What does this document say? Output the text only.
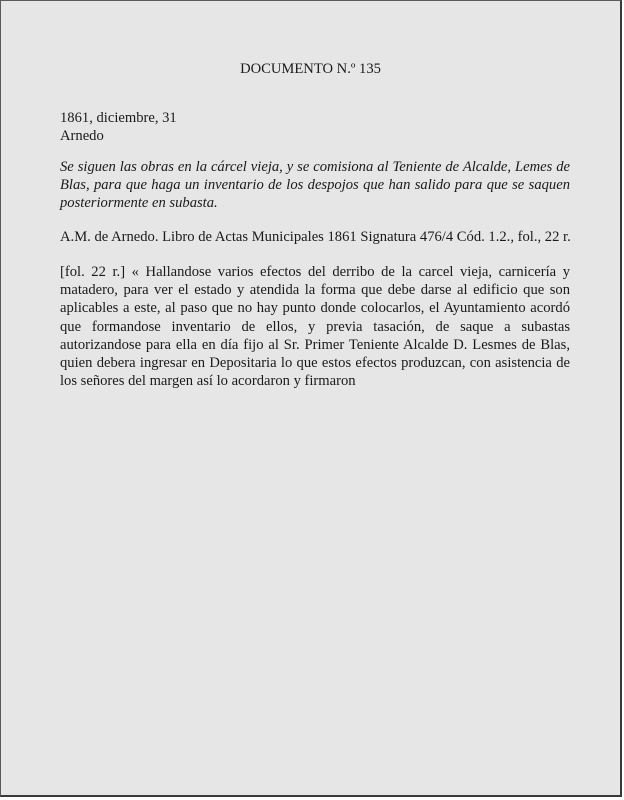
DOCUMENTO N.º 135
1861, diciembre, 31
Arnedo
Se siguen las obras en la cárcel vieja, y se comisiona al Teniente de Alcalde, Lemes de Blas, para que haga un inventario de los despojos que han salido para que se saquen posteriormente en subasta.
A.M. de Arnedo. Libro de Actas Municipales 1861 Signatura 476/4 Cód. 1.2., fol., 22 r.
[fol. 22 r.] « Hallandose varios efectos del derribo de la carcel vieja, carnicería y matadero, para ver el estado y atendida la forma que debe darse al edificio que son aplicables a este, al paso que no hay punto donde colocarlos, el Ayuntamiento acordó que formandose inventario de ellos, y previa tasación, de saque a subastas autorizandose para ella en día fijo al Sr. Primer Teniente Alcalde D. Lesmes de Blas, quien debera ingresar en Depositaria lo que estos efectos produzcan, con asistencia de los señores del margen así lo acordaron y firmaron
